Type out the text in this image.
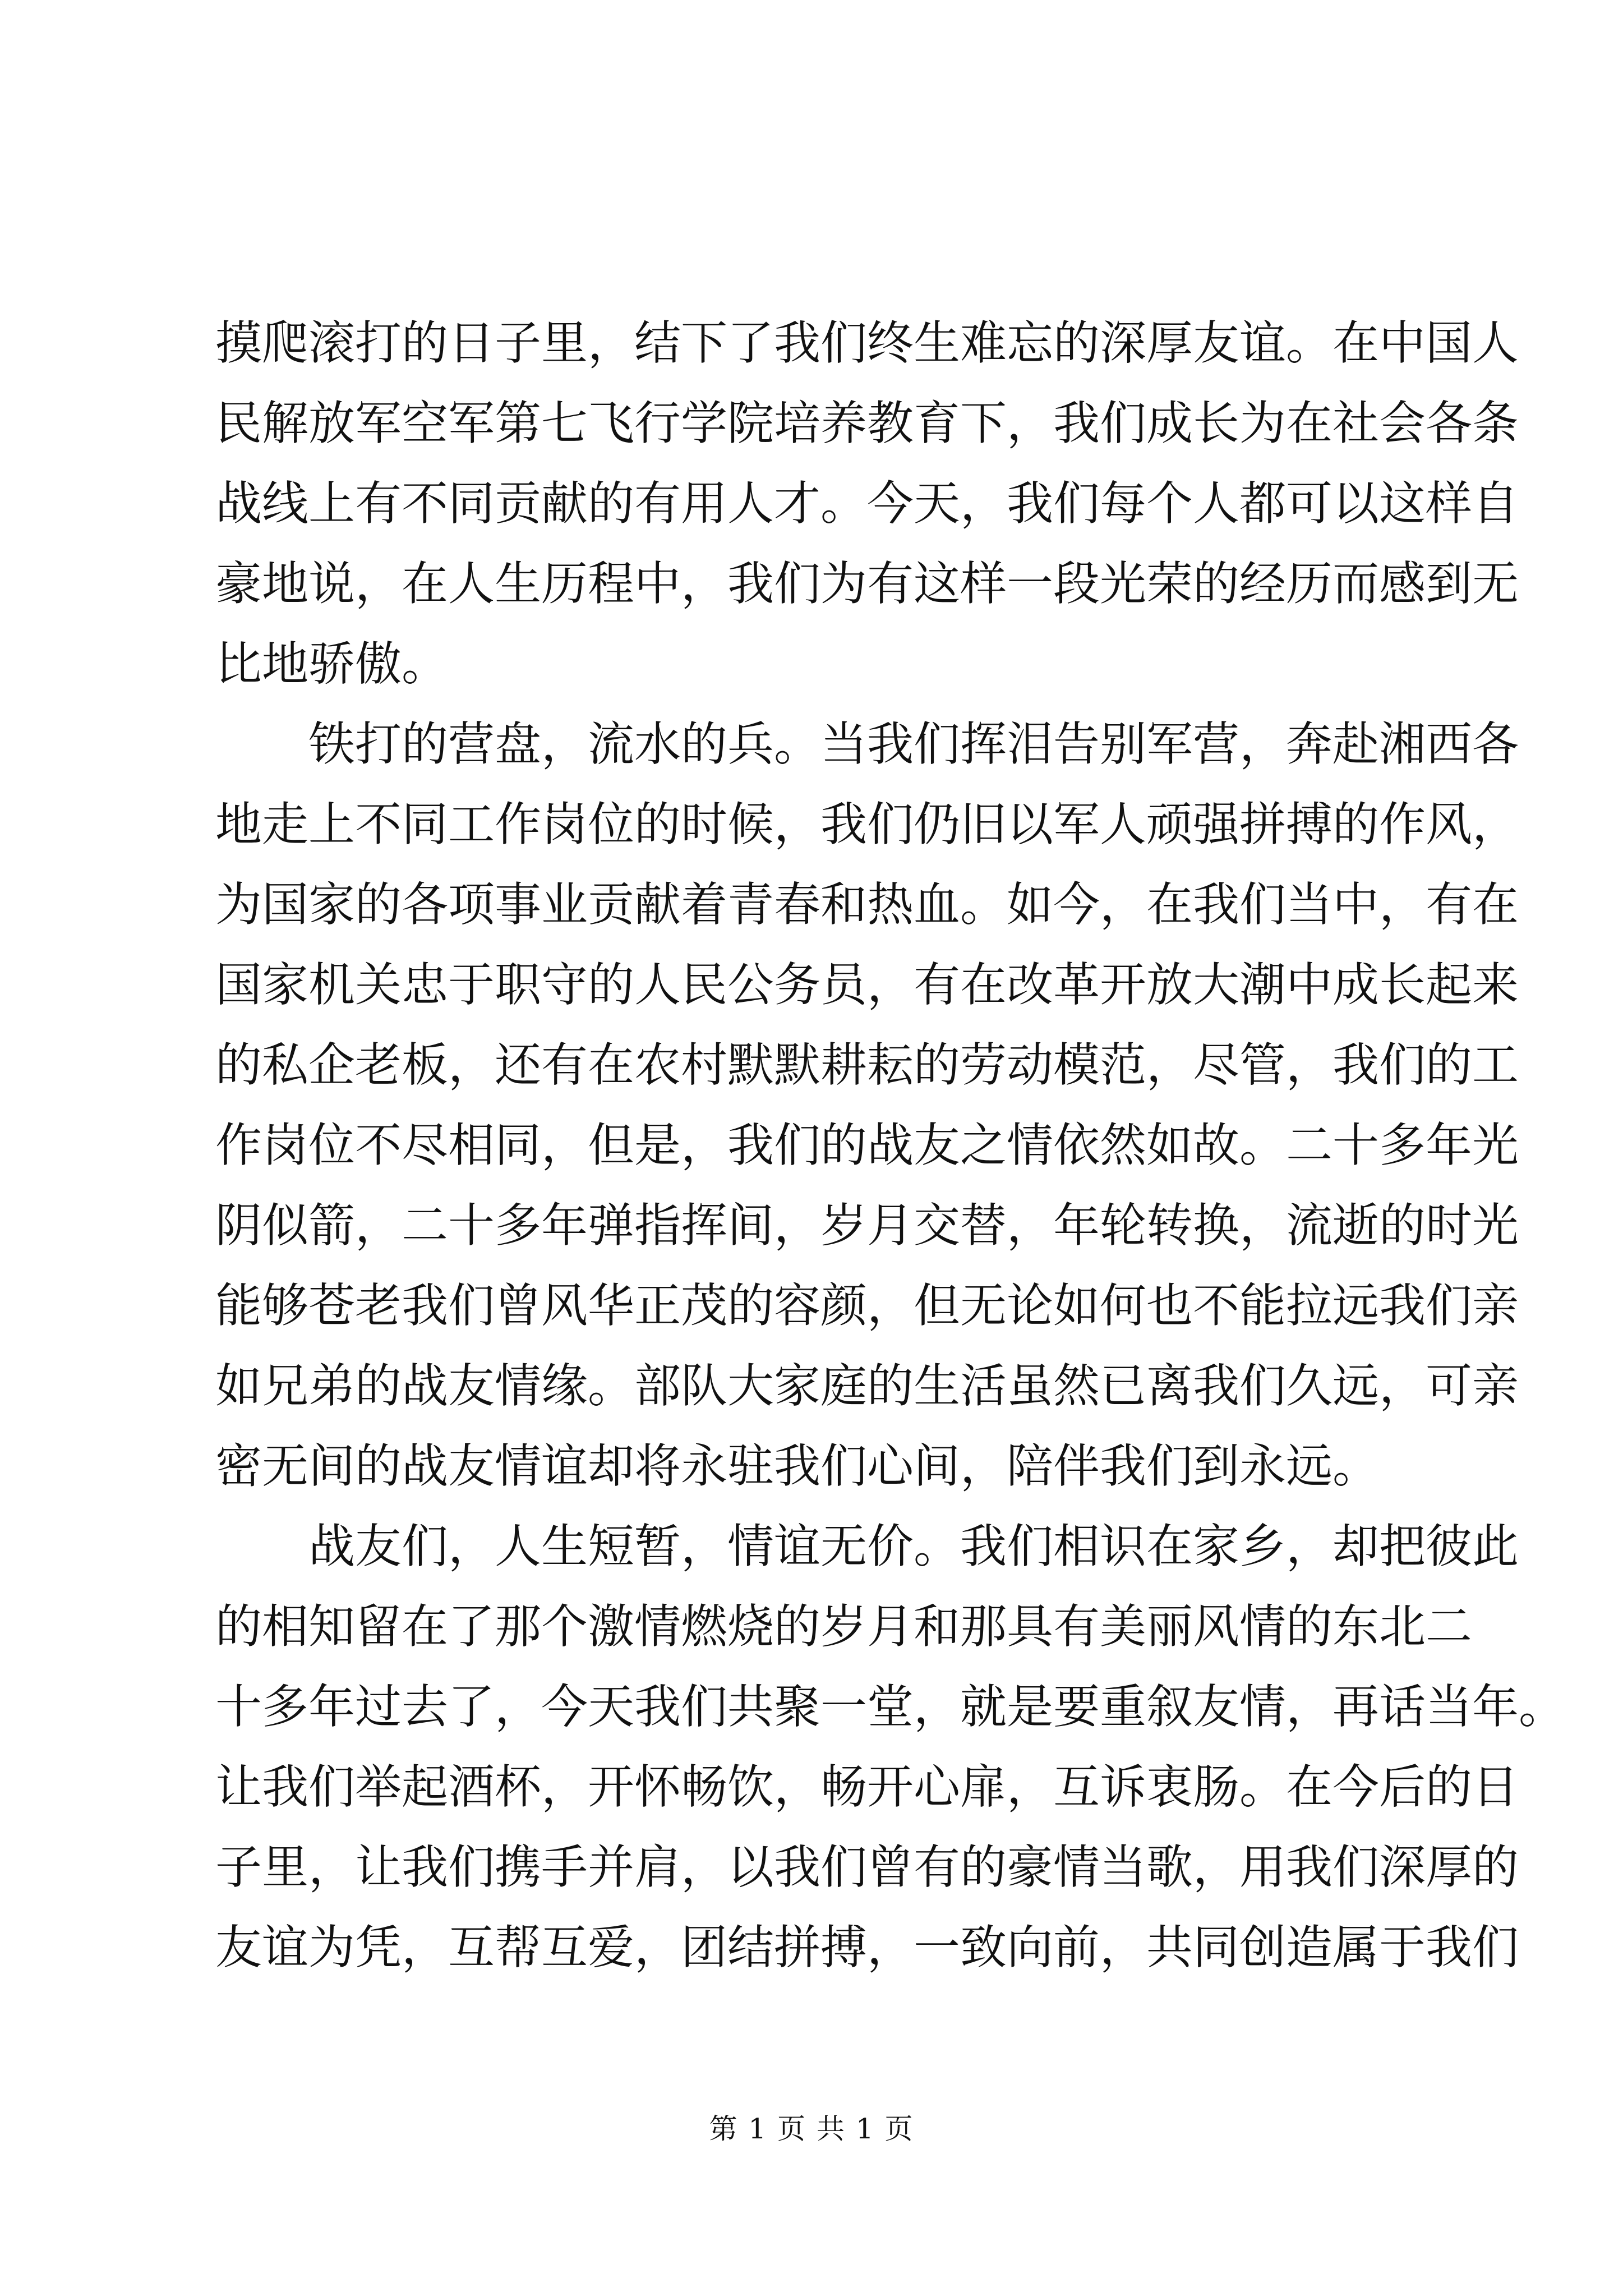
摸爬滚打的日子里，结下了我们终生难忘的深厚友谊。在中国人
民解放军空军第七飞行学院培养教育下，我们成长为在社会各条
战线上有不同贡献的有用人才。今天，我们每个人都可以这样自
豪地说，在人生历程中，我们为有这样一段光荣的经历而感到无
比地骄傲。
　　铁打的营盘，流水的兵。当我们挥泪告别军营，奔赴湘西各
地走上不同工作岗位的时候，我们仍旧以军人顽强拼搏的作风，
为国家的各项事业贡献着青春和热血。如今，在我们当中，有在
国家机关忠于职守的人民公务员，有在改革开放大潮中成长起来
的私企老板，还有在农村默默耕耘的劳动模范，尽管，我们的工
作岗位不尽相同，但是，我们的战友之情依然如故。二十多年光
阴似箭，二十多年弹指挥间，岁月交替，年轮转换，流逝的时光
能够苍老我们曾风华正茂的容颜，但无论如何也不能拉远我们亲
如兄弟的战友情缘。部队大家庭的生活虽然已离我们久远，可亲
密无间的战友情谊却将永驻我们心间，陪伴我们到永远。
　　战友们，人生短暂，情谊无价。我们相识在家乡，却把彼此
的相知留在了那个激情燃烧的岁月和那具有美丽风情的东北二
十多年过去了，今天我们共聚一堂，就是要重叙友情，再话当年。
让我们举起酒杯，开怀畅饮，畅开心扉，互诉衷肠。在今后的日
子里，让我们携手并肩，以我们曾有的豪情当歌，用我们深厚的
友谊为凭，互帮互爱，团结拼搏，一致向前，共同创造属于我们
第 1 页 共 1 页
